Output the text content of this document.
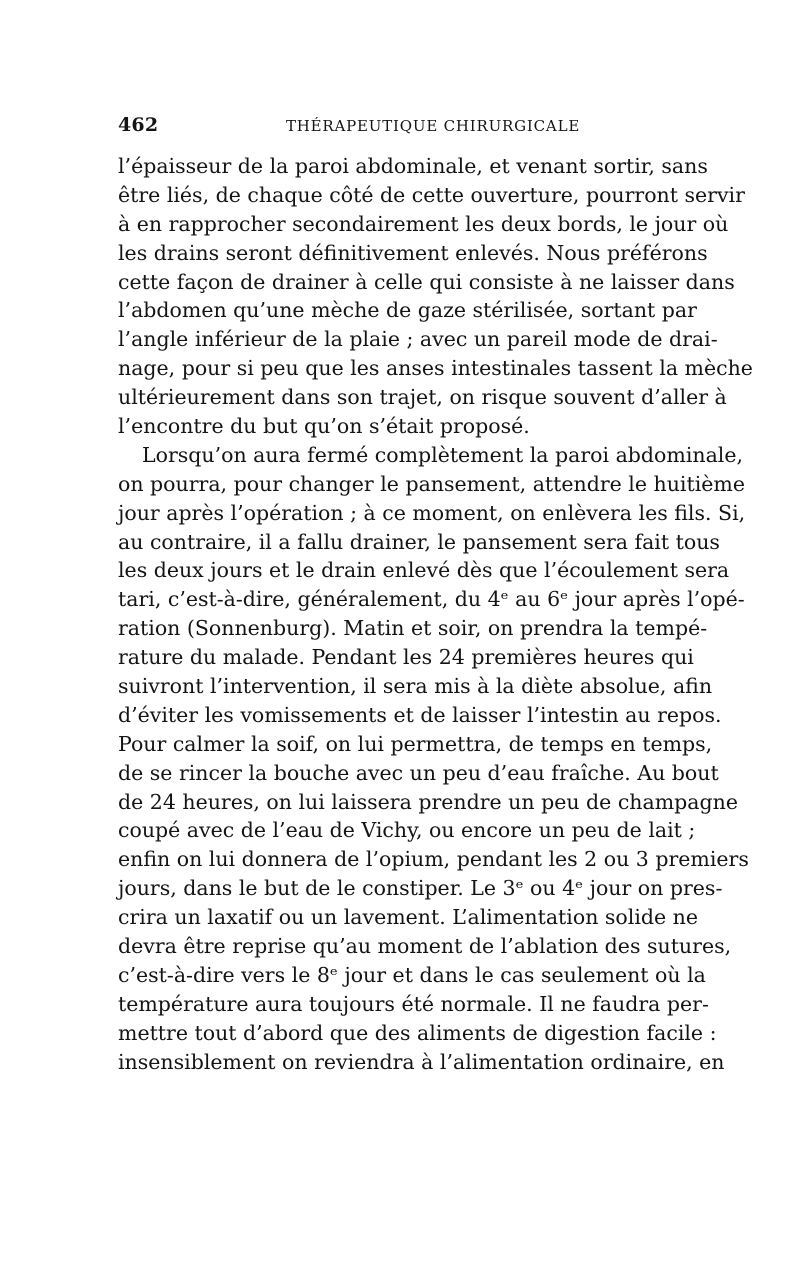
462	THÉRAPEUTIQUE CHIRURGICALE
l’épaisseur de la paroi abdominale, et venant sortir, sans
être liés, de chaque côté de cette ouverture, pourront servir
à en rapprocher secondairement les deux bords, le jour où
les drains seront définitivement enlevés. Nous préférons
cette façon de drainer à celle qui consiste à ne laisser dans
l’abdomen qu’une mèche de gaze stérilisée, sortant par
l’angle inférieur de la plaie ; avec un pareil mode de drai-
nage, pour si peu que les anses intestinales tassent la mèche
ultérieurement dans son trajet, on risque souvent d’aller à
l’encontre du but qu’on s’était proposé.
Lorsqu’on aura fermé complètement la paroi abdominale,
on pourra, pour changer le pansement, attendre le huitième
jour après l’opération ; à ce moment, on enlèvera les fils. Si,
au contraire, il a fallu drainer, le pansement sera fait tous
les deux jours et le drain enlevé dès que l’écoulement sera
tari, c’est-à-dire, généralement, du 4ᵉ au 6ᵉ jour après l’opé-
ration (Sonnenburg). Matin et soir, on prendra la tempé-
rature du malade. Pendant les 24 premières heures qui
suivront l’intervention, il sera mis à la diète absolue, afin
d’éviter les vomissements et de laisser l’intestin au repos.
Pour calmer la soif, on lui permettra, de temps en temps,
de se rincer la bouche avec un peu d’eau fraîche. Au bout
de 24 heures, on lui laissera prendre un peu de champagne
coupé avec de l’eau de Vichy, ou encore un peu de lait ;
enfin on lui donnera de l’opium, pendant les 2 ou 3 premiers
jours, dans le but de le constiper. Le 3ᵉ ou 4ᵉ jour on pres-
crira un laxatif ou un lavement. L’alimentation solide ne
devra être reprise qu’au moment de l’ablation des sutures,
c’est-à-dire vers le 8ᵉ jour et dans le cas seulement où la
température aura toujours été normale. Il ne faudra per-
mettre tout d’abord que des aliments de digestion facile :
insensiblement on reviendra à l’alimentation ordinaire, en
